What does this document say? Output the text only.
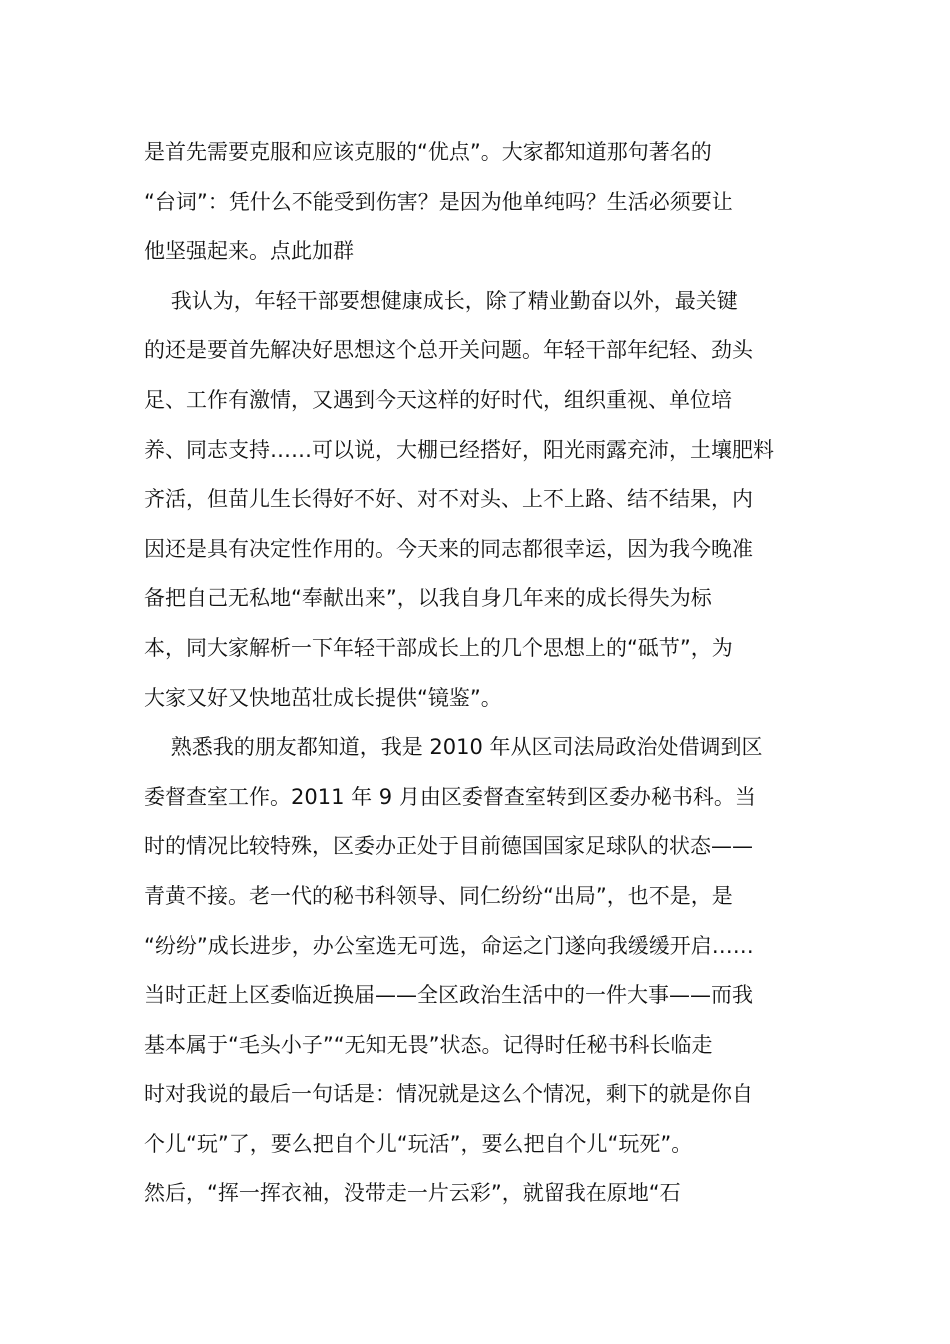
是首先需要克服和应该克服的“优点”。大家都知道那句著名的
“台词”：凭什么不能受到伤害？是因为他单纯吗？生活必须要让
他坚强起来。点此加群
我认为，年轻干部要想健康成长，除了精业勤奋以外，最关键
的还是要首先解决好思想这个总开关问题。年轻干部年纪轻、劲头
足、工作有激情，又遇到今天这样的好时代，组织重视、单位培
养、同志支持……可以说，大棚已经搭好，阳光雨露充沛，土壤肥料
齐活，但苗儿生长得好不好、对不对头、上不上路、结不结果，内
因还是具有决定性作用的。今天来的同志都很幸运，因为我今晚准
备把自己无私地“奉献出来”，以我自身几年来的成长得失为标
本，同大家解析一下年轻干部成长上的几个思想上的“砥节”，为
大家又好又快地茁壮成长提供“镜鉴”。
熟悉我的朋友都知道，我是 2010 年从区司法局政治处借调到区
委督查室工作。2011 年 9 月由区委督查室转到区委办秘书科。当
时的情况比较特殊，区委办正处于目前德国国家足球队的状态——
青黄不接。老一代的秘书科领导、同仁纷纷“出局”，也不是，是
“纷纷”成长进步，办公室选无可选，命运之门遂向我缓缓开启……
当时正赶上区委临近换届——全区政治生活中的一件大事——而我
基本属于“毛头小子”“无知无畏”状态。记得时任秘书科长临走
时对我说的最后一句话是：情况就是这么个情况，剩下的就是你自
个儿“玩”了，要么把自个儿“玩活”，要么把自个儿“玩死”。
然后，“挥一挥衣袖，没带走一片云彩”，就留我在原地“石
